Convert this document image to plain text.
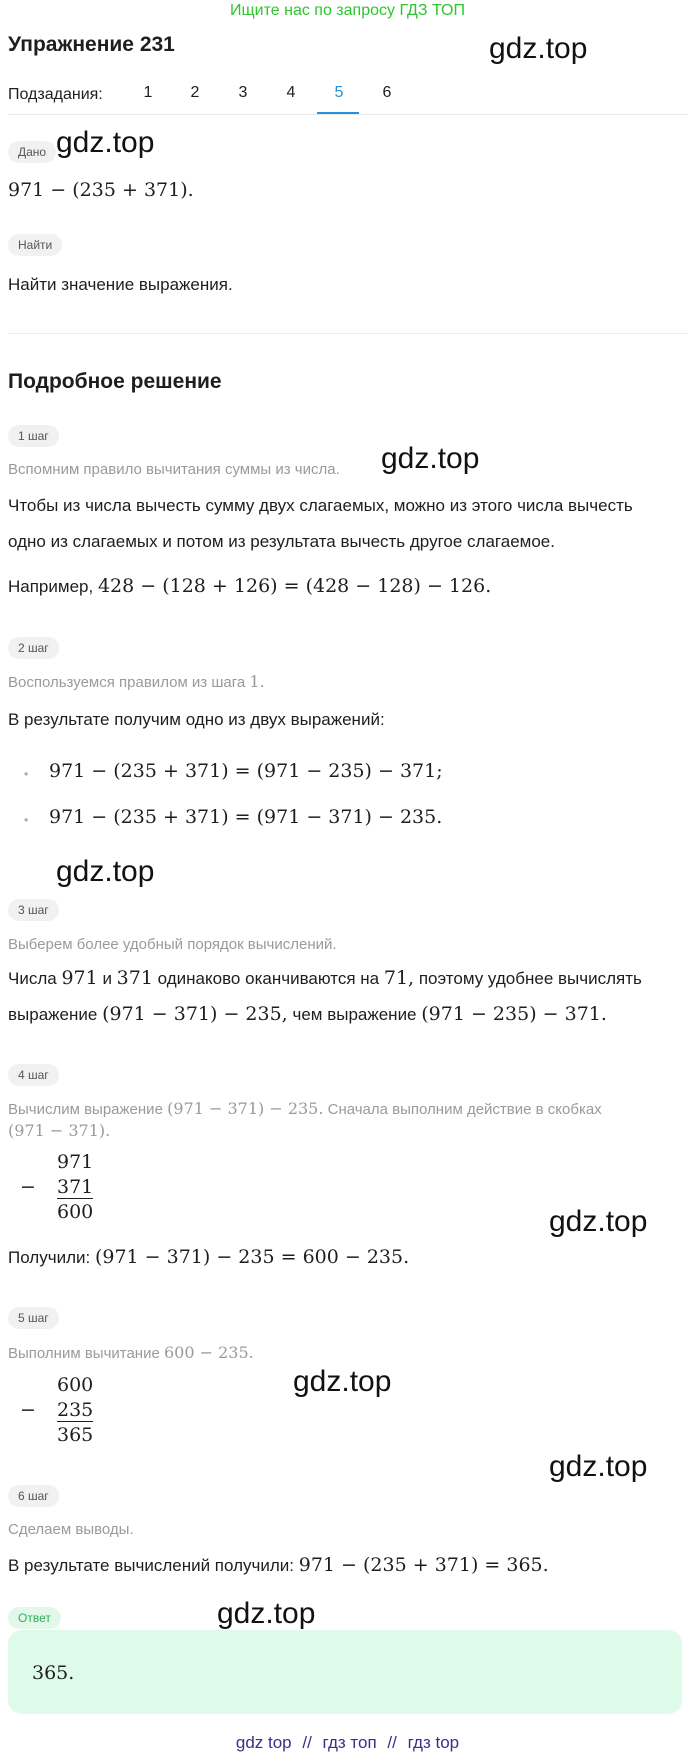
Ищите нас по запросу ГДЗ ТОП
Упражнение 231	gdz.top
gdz.top
gdz.top
gdz.top
gdz.top
gdz.top
gdz.top
gdz.top
Подзадания:	1	2	3	4	5	6
Дано
971 − (235 + 371).
Найти
Найти значение выражения.
Подробное решение
1 шаг
Вспомним правило вычитания суммы из числа.
Чтобы из числа вычесть сумму двух слагаемых, можно из этого числа вычесть
одно из слагаемых и потом из результата вычесть другое слагаемое.
Например, 428 − (128 + 126) = (428 − 128) − 126.
2 шаг
Воспользуемся правилом из шага 1.
В результате получим одно из двух выражений:
• 971 − (235 + 371) = (971 − 235) − 371;
• 971 − (235 + 371) = (971 − 371) − 235.
3 шаг
Выберем более удобный порядок вычислений.
Числа 971 и 371 одинаково оканчиваются на 71, поэтому удобнее вычислять
выражение (971 − 371) − 235, чем выражение (971 − 235) − 371.
4 шаг
Вычислим выражение (971 − 371) − 235. Сначала выполним действие в скобках
(971 − 371).
−
971
371
600
Получили: (971 − 371) − 235 = 600 − 235.
5 шаг
Выполним вычитание 600 − 235.
−
600
235
365
6 шаг
Сделаем выводы.
В результате вычислений получили: 971 − (235 + 371) = 365.
Ответ
365.
gdz top // гдз топ // гдз top
